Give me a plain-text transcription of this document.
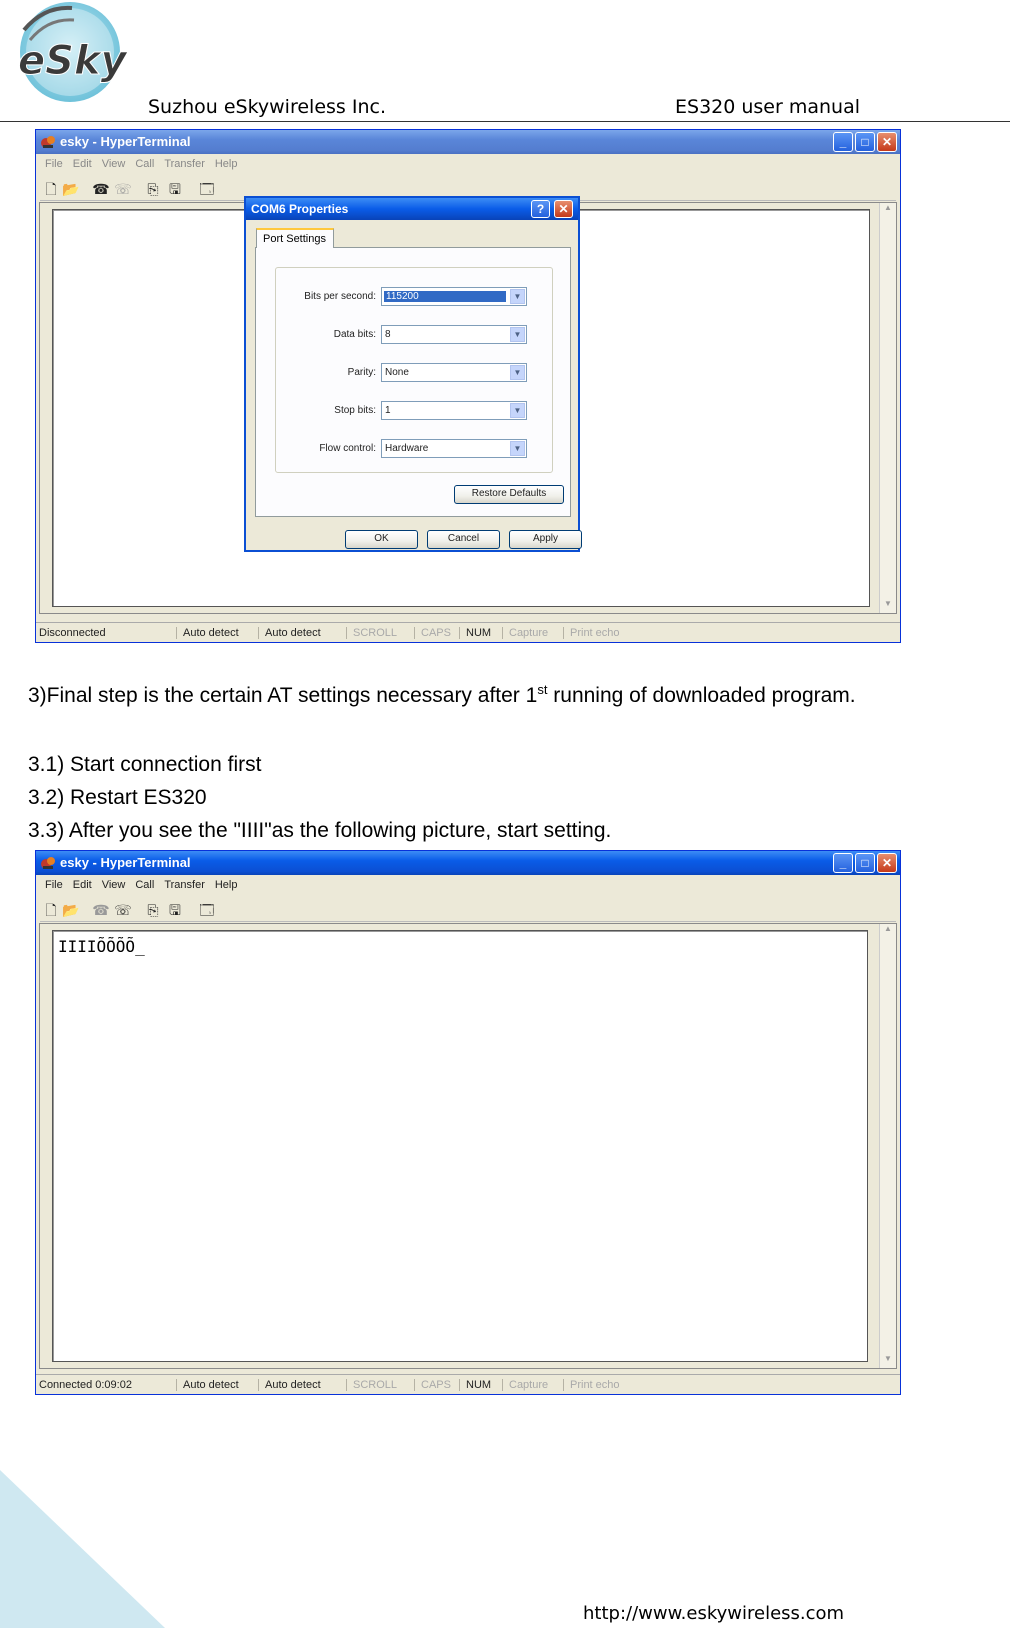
eSky
Suzhou eSkywireless Inc.	ES320 user manual
esky - HyperTerminal	_	□	✕
File Edit View Call Transfer Help
🗋 📂 ☎ ☏ ⎘ 🖫 🗔
▲
▼
COM6 Properties	?	✕
Port Settings
Bits per second: 115200	▼
Data bits: 8	▼
Parity: None	▼
Stop bits: 1	▼
Flow control: Hardware	▼
Restore Defaults
OK	Cancel	Apply
Disconnected	Auto detect	Auto detect	SCROLL	CAPS	NUM	Capture	Print echo
3)Final step is the certain AT settings necessary after 1st running of downloaded program.
3.1) Start connection first
3.2) Restart ES320
3.3) After you see the "IIII"as the following picture, start setting.
esky - HyperTerminal	_	□	✕
File Edit View Call Transfer Help
🗋 📂 ☎ ☏ ⎘ 🖫 🗔
IIIIÕÕÕÕ_
▲
▼
Connected 0:09:02	Auto detect	Auto detect	SCROLL	CAPS	NUM	Capture	Print echo
http://www.eskywireless.com
